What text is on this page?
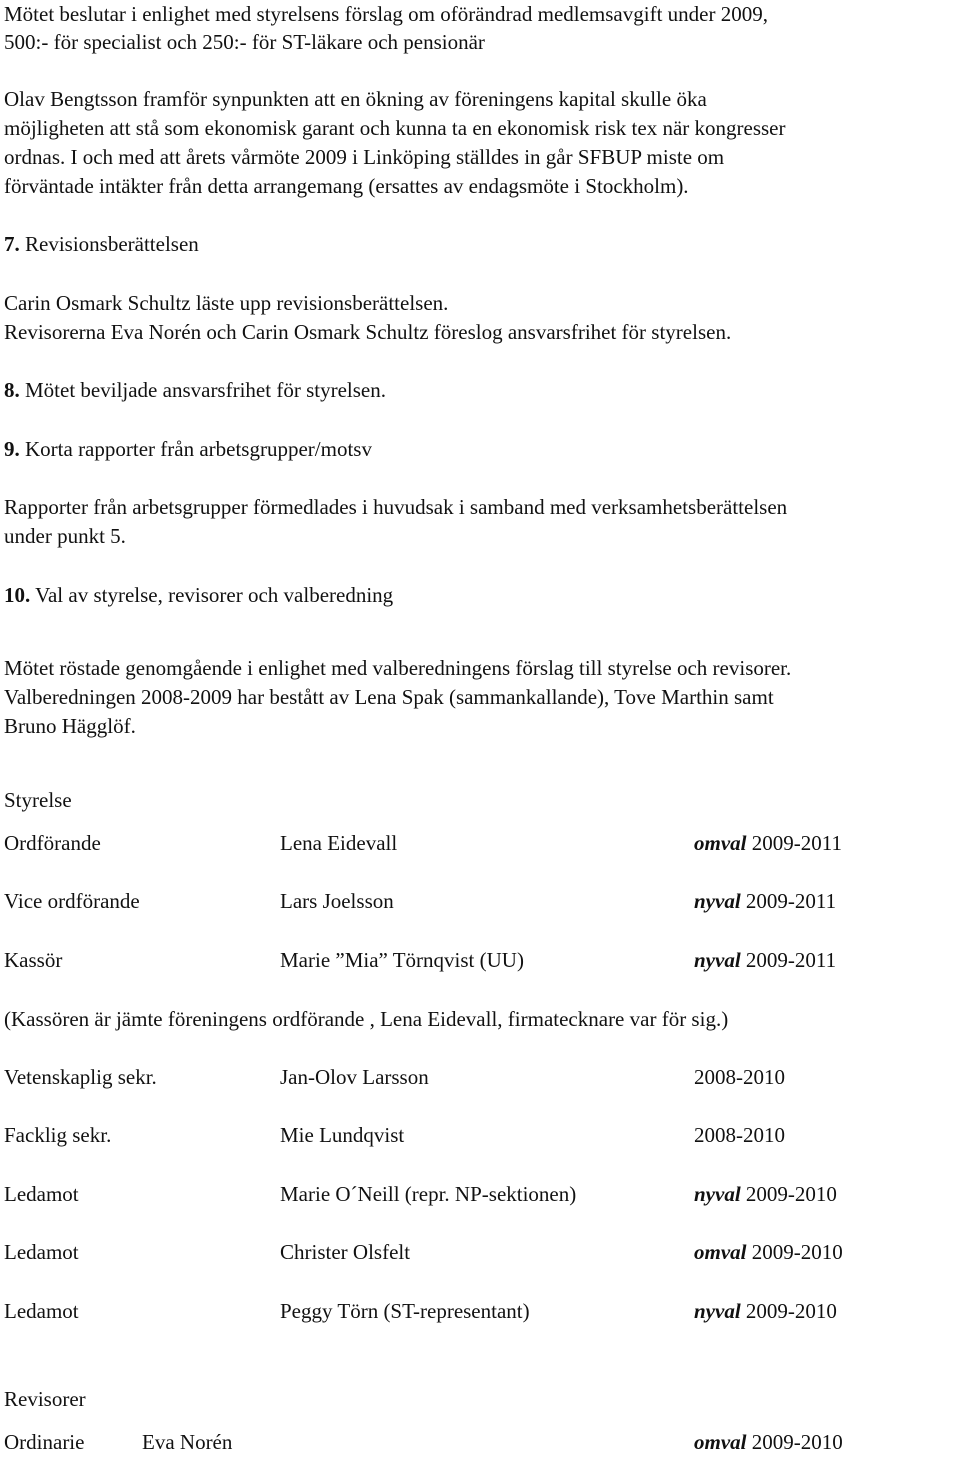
Mötet beslutar i enlighet med styrelsens förslag om oförändrad medlemsavgift under 2009,
500:- för specialist och 250:- för ST-läkare och pensionär
Olav Bengtsson framför synpunkten att en ökning av föreningens kapital skulle öka
möjligheten att stå som ekonomisk garant och kunna ta en ekonomisk risk tex när kongresser
ordnas. I och med att årets vårmöte 2009 i Linköping ställdes in går SFBUP miste om
förväntade intäkter från detta arrangemang (ersattes av endagsmöte i Stockholm).
7. Revisionsberättelsen
Carin Osmark Schultz läste upp revisionsberättelsen.
Revisorerna Eva Norén och Carin Osmark Schultz föreslog ansvarsfrihet för styrelsen.
8. Mötet beviljade ansvarsfrihet för styrelsen.
9. Korta rapporter från arbetsgrupper/motsv
Rapporter från arbetsgrupper förmedlades i huvudsak i samband med verksamhetsberättelsen
under punkt 5.
10. Val av styrelse, revisorer och valberedning
Mötet röstade genomgående i enlighet med valberedningens förslag till styrelse och revisorer.
Valberedningen 2008-2009 har bestått av Lena Spak (sammankallande), Tove Marthin samt
Bruno Hägglöf.
Styrelse
Ordförande	Lena Eidevall	omval 2009-2011
Vice ordförande	Lars Joelsson	nyval 2009-2011
Kassör	Marie ”Mia” Törnqvist (UU)	nyval 2009-2011
(Kassören är jämte föreningens ordförande , Lena Eidevall, firmatecknare var för sig.)
Vetenskaplig sekr.	Jan-Olov Larsson	2008-2010
Facklig sekr.	Mie Lundqvist	2008-2010
Ledamot	Marie O´Neill (repr. NP-sektionen)	nyval 2009-2010
Ledamot	Christer Olsfelt	omval 2009-2010
Ledamot	Peggy Törn (ST-representant)	nyval 2009-2010
Revisorer
Ordinarie	Eva Norén	omval 2009-2010
